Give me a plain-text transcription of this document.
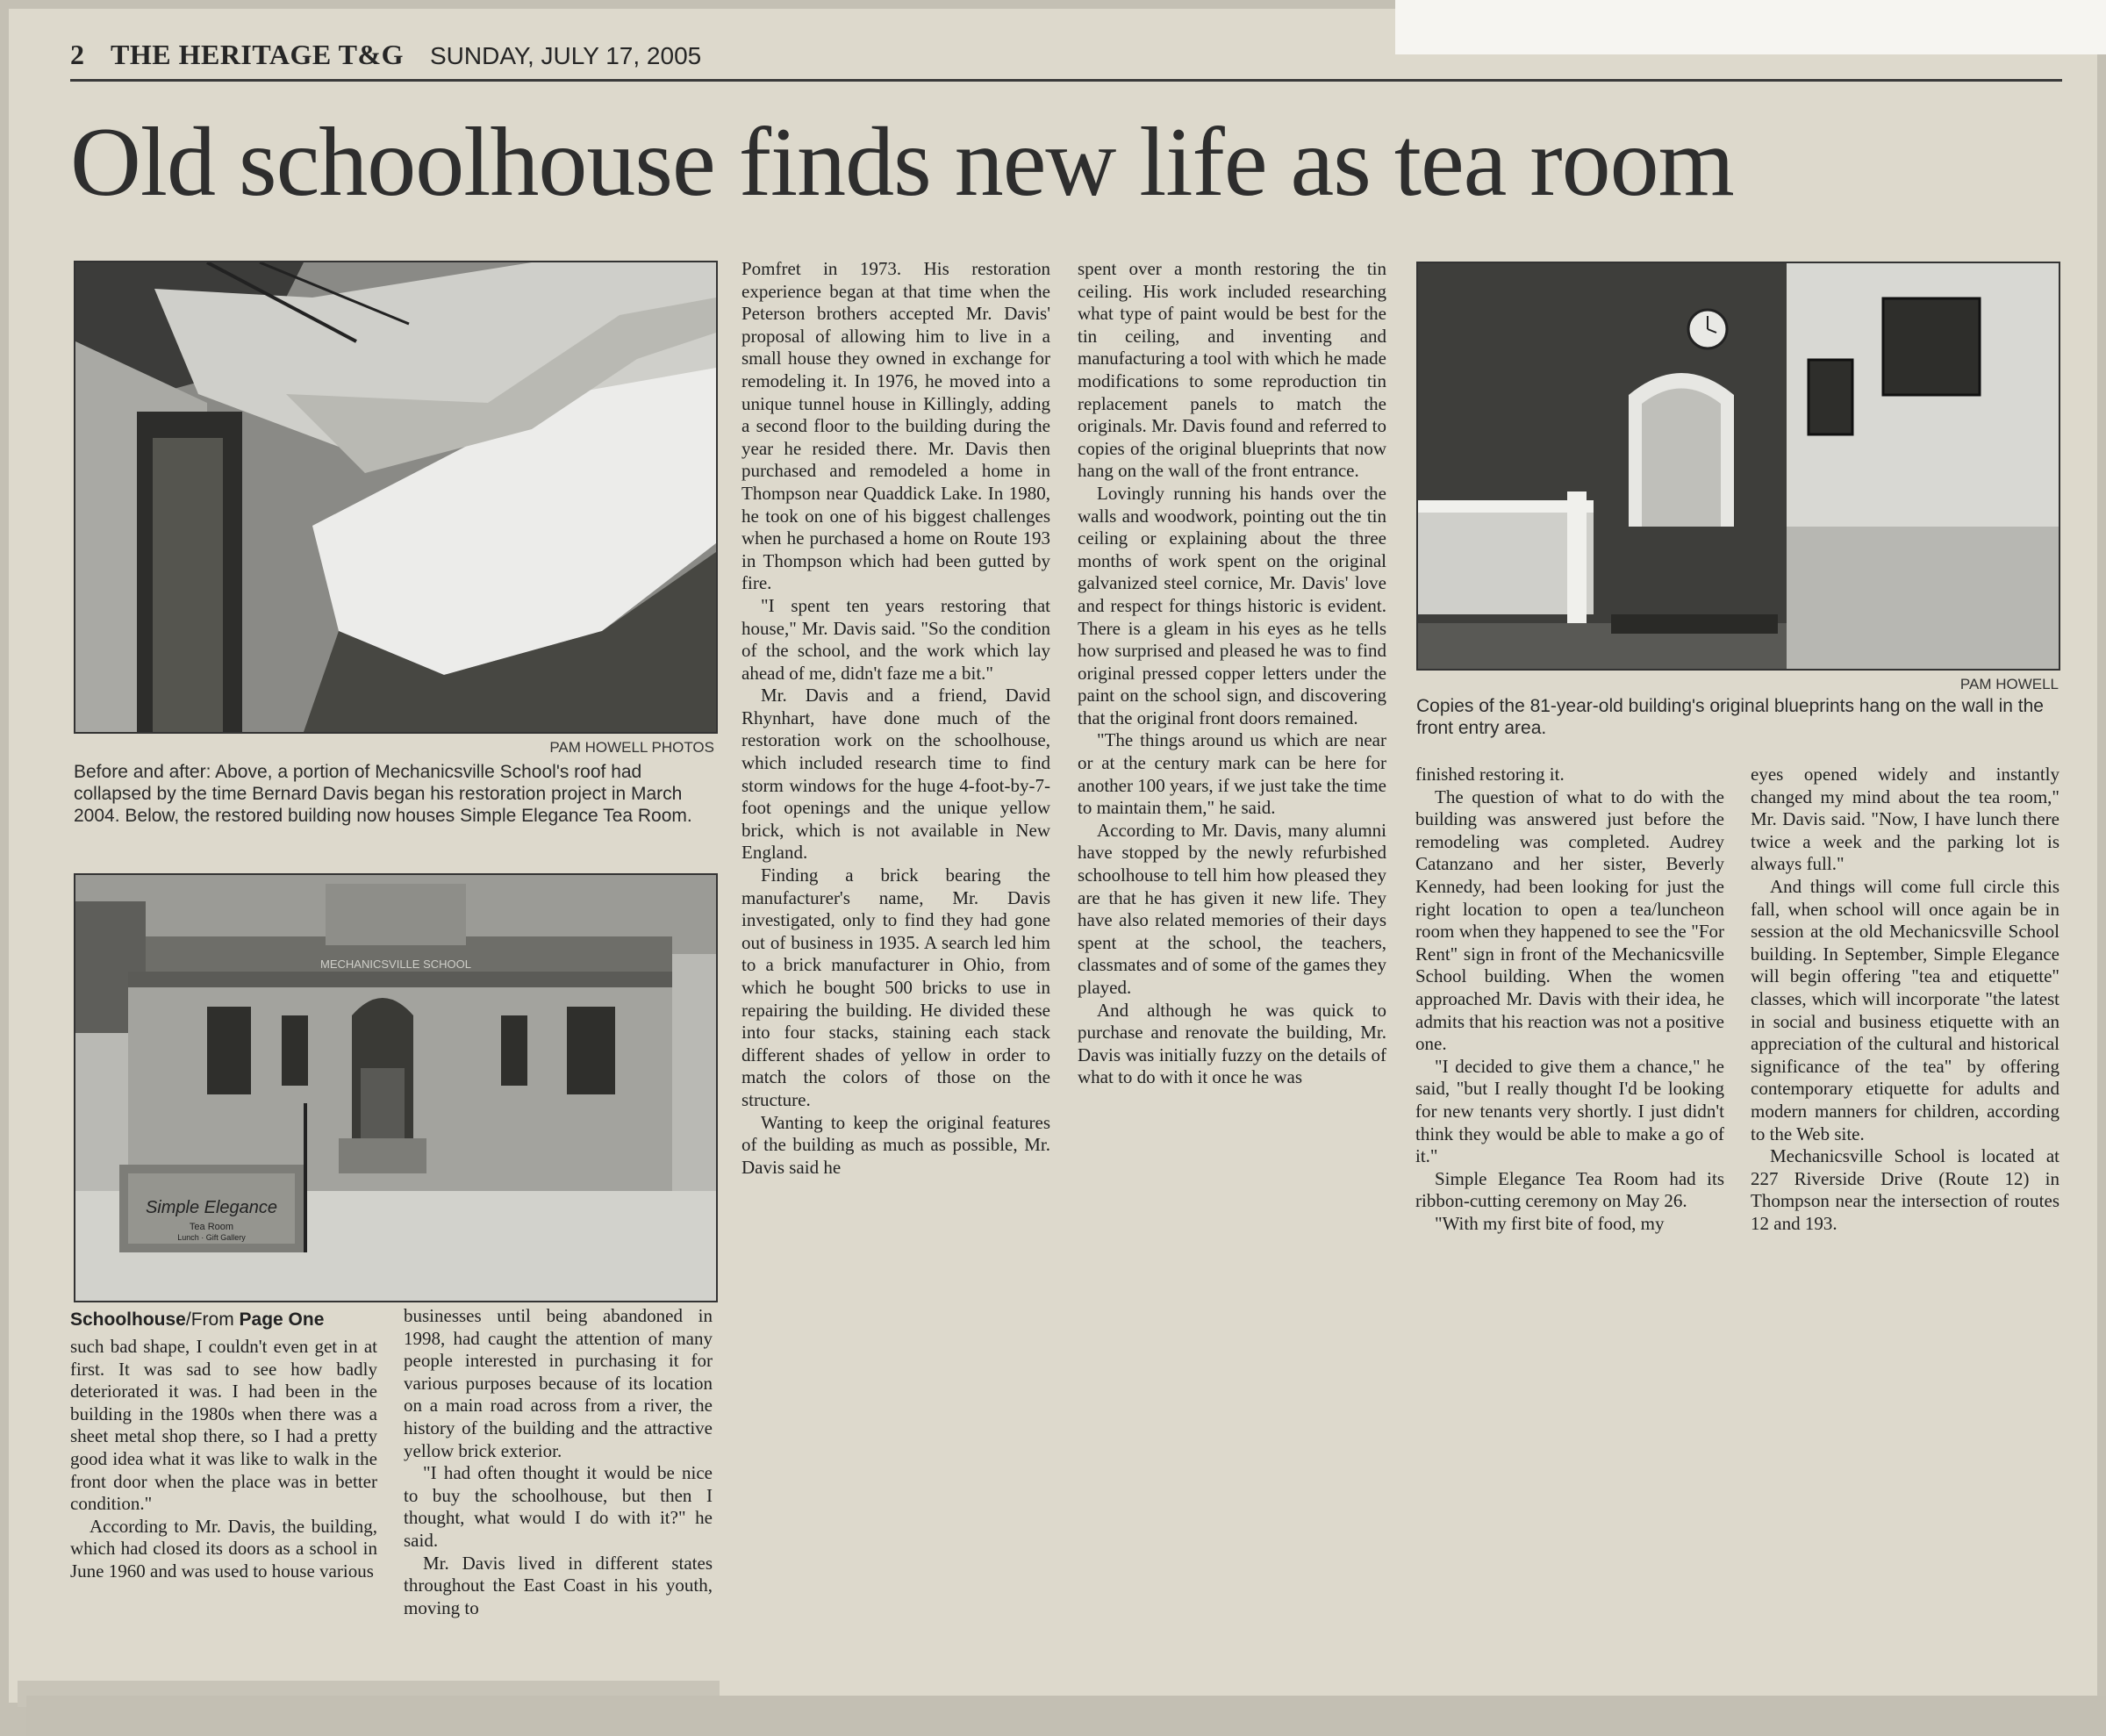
2 THE HERITAGE T&G SUNDAY, JULY 17, 2005
Old schoolhouse finds new life as tea room
PAM HOWELL PHOTOS

Before and after: Above, a portion of Mechanicsville School's roof had collapsed by the time Bernard Davis began his restoration project in March 2004. Below, the restored building now houses Simple Elegance Tea Room.

Simple Elegance
Tea Room
Lunch · Gift Gallery
MECHANICSVILLE SCHOOL
Schoolhouse/From Page One

such bad shape, I couldn't even get in at first. It was sad to see how badly deteriorated it was. I had been in the building in the 1980s when there was a sheet metal shop there, so I had a pretty good idea what it was like to walk in the front door when the place was in better condition."

According to Mr. Davis, the building, which had closed its doors as a school in June 1960 and was used to house various

businesses until being abandoned in 1998, had caught the attention of many people interested in purchasing it for various purposes because of its location on a main road across from a river, the history of the building and the attractive yellow brick exterior.

"I had often thought it would be nice to buy the schoolhouse, but then I thought, what would I do with it?" he said.

Mr. Davis lived in different states throughout the East Coast in his youth, moving to

Pomfret in 1973. His restoration experience began at that time when the Peterson brothers accepted Mr. Davis' proposal of allowing him to live in a small house they owned in exchange for remodeling it. In 1976, he moved into a unique tunnel house in Killingly, adding a second floor to the building during the year he resided there. Mr. Davis then purchased and remodeled a home in Thompson near Quaddick Lake. In 1980, he took on one of his biggest challenges when he purchased a home on Route 193 in Thompson which had been gutted by fire.

"I spent ten years restoring that house," Mr. Davis said. "So the condition of the school, and the work which lay ahead of me, didn't faze me a bit."

Mr. Davis and a friend, David Rhynhart, have done much of the restoration work on the schoolhouse, which included research time to find storm windows for the huge 4-foot-by-7-foot openings and the unique yellow brick, which is not available in New England.

Finding a brick bearing the manufacturer's name, Mr. Davis investigated, only to find they had gone out of business in 1935. A search led him to a brick manufacturer in Ohio, from which he bought 500 bricks to use in repairing the building. He divided these into four stacks, staining each stack different shades of yellow in order to match the colors of those on the structure.

Wanting to keep the original features of the building as much as possible, Mr. Davis said he

spent over a month restoring the tin ceiling. His work included researching what type of paint would be best for the tin ceiling, and inventing and manufacturing a tool with which he made modifications to some reproduction tin replacement panels to match the originals. Mr. Davis found and referred to copies of the original blueprints that now hang on the wall of the front entrance.

Lovingly running his hands over the walls and woodwork, pointing out the tin ceiling or explaining about the three months of work spent on the original galvanized steel cornice, Mr. Davis' love and respect for things historic is evident. There is a gleam in his eyes as he tells how surprised and pleased he was to find original pressed copper letters under the paint on the school sign, and discovering that the original front doors remained.

"The things around us which are near or at the century mark can be here for another 100 years, if we just take the time to maintain them," he said.

According to Mr. Davis, many alumni have stopped by the newly refurbished schoolhouse to tell him how pleased they are that he has given it new life. They have also related memories of their days spent at the school, the teachers, classmates and of some of the games they played.

And although he was quick to purchase and renovate the building, Mr. Davis was initially fuzzy on the details of what to do with it once he was

PAM HOWELL

Copies of the 81-year-old building's original blueprints hang on the wall in the front entry area.

finished restoring it.

The question of what to do with the building was answered just before the remodeling was completed. Audrey Catanzano and her sister, Beverly Kennedy, had been looking for just the right location to open a tea/luncheon room when they happened to see the "For Rent" sign in front of the Mechanicsville School building. When the women approached Mr. Davis with their idea, he admits that his reaction was not a positive one.

"I decided to give them a chance," he said, "but I really thought I'd be looking for new tenants very shortly. I just didn't think they would be able to make a go of it."

Simple Elegance Tea Room had its ribbon-cutting ceremony on May 26.

"With my first bite of food, my

eyes opened widely and instantly changed my mind about the tea room," Mr. Davis said. "Now, I have lunch there twice a week and the parking lot is always full."

And things will come full circle this fall, when school will once again be in session at the old Mechanicsville School building. In September, Simple Elegance will begin offering "tea and etiquette" classes, which will incorporate "the latest in social and business etiquette with an appreciation of the cultural and historical significance of the tea" by offering contemporary etiquette for adults and modern manners for children, according to the Web site.

Mechanicsville School is located at 227 Riverside Drive (Route 12) in Thompson near the intersection of routes 12 and 193.
